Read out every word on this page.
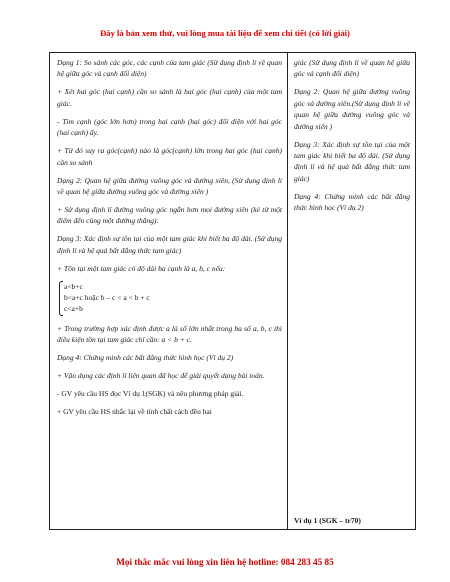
Đây là bản xem thử, vui lòng mua tài liệu để xem chi tiết (có lời giải)

Dạng 1: So sánh các góc, các cạnh của tam giác (Sử dụng định lí về quan hệ giữa góc và cạnh đối diện)

+ Xét hai góc (hai cạnh) cần so sánh là hai góc (hai cạnh) của một tam giác.

- Tìm cạnh (góc lớn hơn) trong hai cạnh (hai góc) đối diện với hai góc (hai cạnh) ấy.

+ Từ đó suy ra góc(cạnh) nào là góc(cạnh) lớn trong hai góc (hai cạnh) cần so sánh

Dạng 2: Quan hệ giữa đường vuông góc và đường xiên, (Sử dụng định lí về quan hệ giữa đường vuông góc và đường xiên )

+ Sử dụng định lí đường vuông góc ngắn hơn mọi đường xiên (kẻ từ một điểm đến cùng một đường thẳng).

Dạng 3: Xác định sự tồn tại của một tam giác khi biết ba độ dài. (Sử dụng định lí và hệ quả bất đẳng thức tam giác)

+ Tồn tại một tam giác có độ dài ba cạnh là a, b, c nếu:

a<b+c
b<a+c hoặc b – c < a < b + c
c<a+b

+ Trong trường hợp xác định được a là số lớn nhất trong ba số a, b, c thì điều kiện tồn tại tam giác chỉ cần: a < b + c.

Dạng 4: Chứng minh các bất đẳng thức hình học (Ví dụ 2)

+ Vận dụng các định lí liên quan đã học để giải quyết dạng bài toán.

- GV yêu cầu HS đọc Ví dụ 1(SGK) và nêu phương pháp giải.

+ GV yêu cầu HS nhắc lại về tính chất cách đều hai

giác (Sử dụng định lí về quan hệ giữa góc và cạnh đối diện)

Dạng 2: Quan hệ giữa đường vuông góc và đường xiên.(Sử dụng định lí về quan hệ giữa đường vuông góc và đường xiên )

Dạng 3: Xác định sự tồn tại của một tam giác khi biết ba độ dài. (Sử dụng định lí và hệ quả bất đẳng thức tam giác)

Dạng 4: Chứng minh các bất đẳng thức hình học (Ví dụ 2)

Ví dụ 1 (SGK – tr70)
Mọi thắc mắc vui lòng xin liên hệ hotline: 084 283 45 85
